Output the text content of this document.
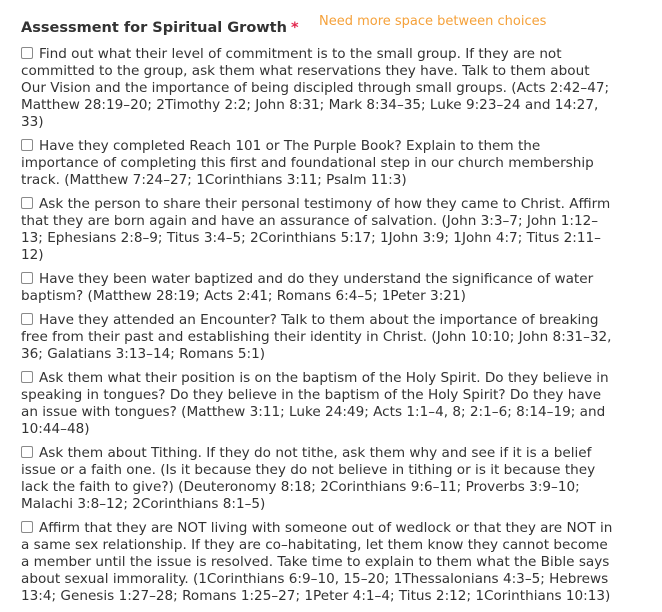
Assessment for Spiritual Growth * Need more space between choices
Find out what their level of commitment is to the small group. If they are not committed to the group, ask them what reservations they have. Talk to them about Our Vision and the importance of being discipled through small groups. (Acts 2:42–47; Matthew 28:19–20; 2Timothy 2:2; John 8:31; Mark 8:34–35; Luke 9:23–24 and 14:27, 33)
Have they completed Reach 101 or The Purple Book? Explain to them the importance of completing this first and foundational step in our church membership track. (Matthew 7:24–27; 1Corinthians 3:11; Psalm 11:3)
Ask the person to share their personal testimony of how they came to Christ. Affirm that they are born again and have an assurance of salvation. (John 3:3–7; John 1:12–13; Ephesians 2:8–9; Titus 3:4–5; 2Corinthians 5:17; 1John 3:9; 1John 4:7; Titus 2:11–12)
Have they been water baptized and do they understand the significance of water baptism? (Matthew 28:19; Acts 2:41; Romans 6:4–5; 1Peter 3:21)
Have they attended an Encounter? Talk to them about the importance of breaking free from their past and establishing their identity in Christ. (John 10:10; John 8:31–32, 36; Galatians 3:13–14; Romans 5:1)
Ask them what their position is on the baptism of the Holy Spirit. Do they believe in speaking in tongues? Do they believe in the baptism of the Holy Spirit? Do they have an issue with tongues? (Matthew 3:11; Luke 24:49; Acts 1:1–4, 8; 2:1–6; 8:14–19; and 10:44–48)
Ask them about Tithing. If they do not tithe, ask them why and see if it is a belief issue or a faith one. (Is it because they do not believe in tithing or is it because they lack the faith to give?) (Deuteronomy 8:18; 2Corinthians 9:6–11; Proverbs 3:9–10; Malachi 3:8–12; 2Corinthians 8:1–5)
Affirm that they are NOT living with someone out of wedlock or that they are NOT in a same sex relationship. If they are co–habitating, let them know they cannot become a member until the issue is resolved. Take time to explain to them what the Bible says about sexual immorality. (1Corinthians 6:9–10, 15–20; 1Thessalonians 4:3–5; Hebrews 13:4; Genesis 1:27–28; Romans 1:25–27; 1Peter 4:1–4; Titus 2:12; 1Corinthians 10:13)
